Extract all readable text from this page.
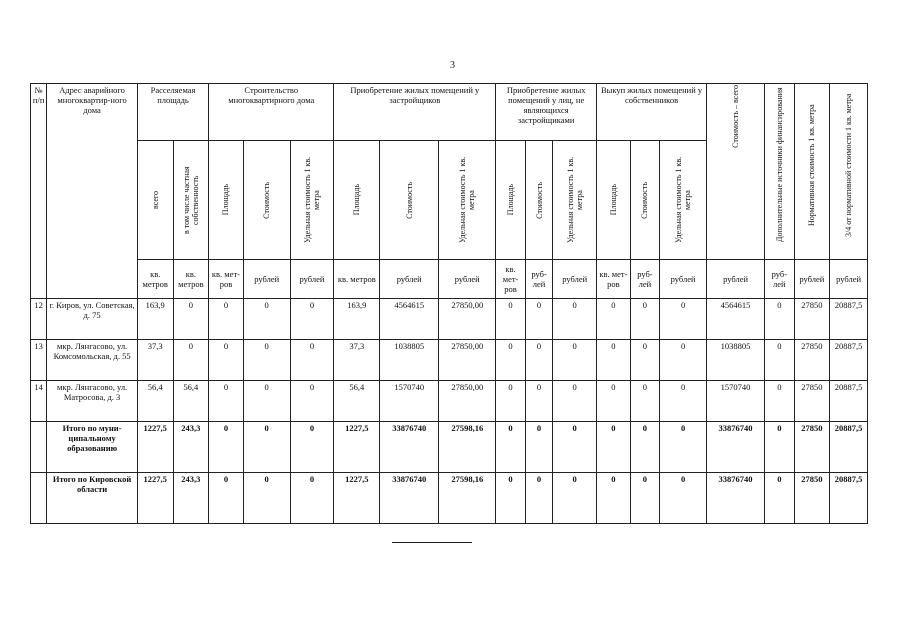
3
№ п/п	Адрес аварийного многоквартир-ного дома	Расселяемая площадь		Строительство многоквартирного дома			Приобретение жилых помещений у застройщиков			Приобретение жилых помещений у лиц, не являющихся застройщиками			Выкуп жилых помещений у собственников			Стоимость – всего	Дополнительные источники финансирования	Нормативная стоимость 1 кв. метра	3/4 от нормативной стоимости 1 кв. метра

		всего	в том числе частная собственность	Площадь	Стоимость	Удельная стоимость 1 кв. метра	Площадь	Стоимость	Удельная стоимость 1 кв. метра	Площадь	Стоимость	Удельная стоимость 1 кв. метра	Площадь	Стоимость	Удельная стоимость 1 кв. метра				

		кв. метров	кв. метров	кв. мет-ров	рублей	рублей	кв. метров	рублей	рублей	кв. мет-ров	руб-лей	рублей	кв. мет-ров	руб-лей	рублей	рублей	руб-лей	рублей	рублей
12	г. Киров, ул. Советская, д. 75	163,9	0	0	0	0	163,9	4564615	27850,00	0	0	0	0	0	0	4564615	0	27850	20887,5
13	мкр. Лянгасово, ул. Комсомольская, д. 55	37,3	0	0	0	0	37,3	1038805	27850,00	0	0	0	0	0	0	1038805	0	27850	20887,5
14	мкр. Лянгасово, ул. Матросова, д. 3	56,4	56,4	0	0	0	56,4	1570740	27850,00	0	0	0	0	0	0	1570740	0	27850	20887,5
	Итого по муни-ципальному образованию	1227,5	243,3	0	0	0	1227,5	33876740	27598,16	0	0	0	0	0	0	33876740	0	27850	20887,5
	Итого по Кировской области	1227,5	243,3	0	0	0	1227,5	33876740	27598,16	0	0	0	0	0	0	33876740	0	27850	20887,5
